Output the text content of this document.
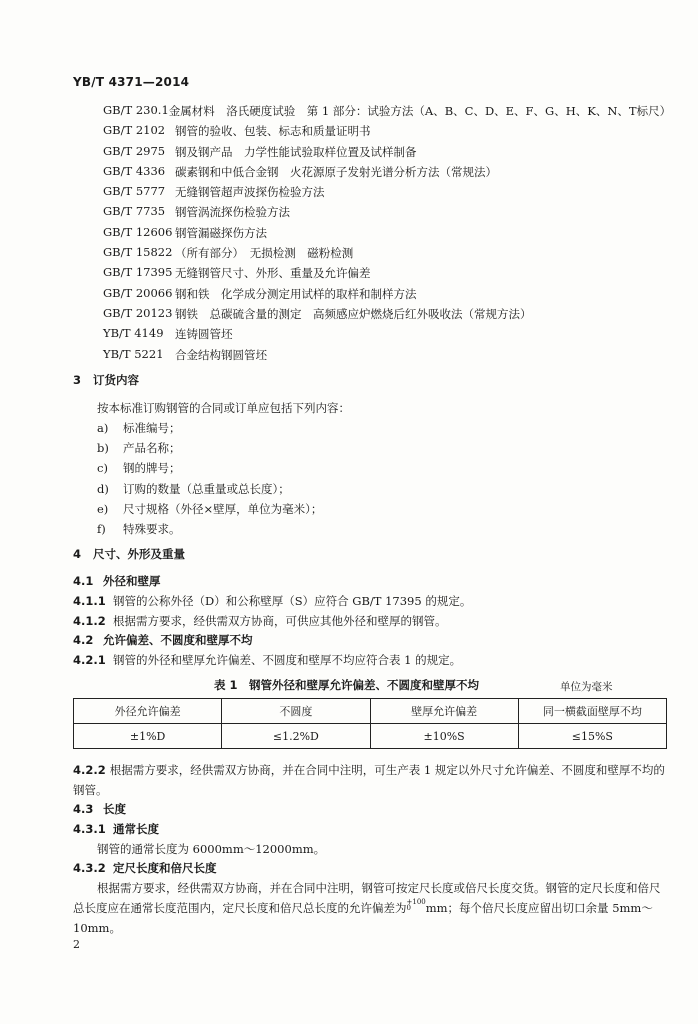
YB/T 4371—2014
GB/T 230.1 金属材料　洛氏硬度试验　第 1 部分：试验方法（A、B、C、D、E、F、G、H、K、N、T标尺）
GB/T 2102 钢管的验收、包装、标志和质量证明书
GB/T 2975 钢及钢产品　力学性能试验取样位置及试样制备
GB/T 4336 碳素钢和中低合金钢　火花源原子发射光谱分析方法（常规法）
GB/T 5777 无缝钢管超声波探伤检验方法
GB/T 7735 钢管涡流探伤检验方法
GB/T 12606 钢管漏磁探伤方法
GB/T 15822 （所有部分）　无损检测　磁粉检测
GB/T 17395 无缝钢管尺寸、外形、重量及允许偏差
GB/T 20066 钢和铁　化学成分测定用试样的取样和制样方法
GB/T 20123 钢铁　总碳硫含量的测定　高频感应炉燃烧后红外吸收法（常规方法）
YB/T 4149 连铸圆管坯
YB/T 5221 合金结构钢圆管坯
3 订货内容
按本标准订购钢管的合同或订单应包括下列内容：
a) 标准编号；
b) 产品名称；
c) 钢的牌号；
d) 订购的数量（总重量或总长度）；
e) 尺寸规格（外径×壁厚，单位为毫米）；
f) 特殊要求。
4 尺寸、外形及重量
4.1 外径和壁厚
4.1.1 钢管的公称外径（D）和公称壁厚（S）应符合 GB/T 17395 的规定。
4.1.2 根据需方要求，经供需双方协商，可供应其他外径和壁厚的钢管。
4.2 允许偏差、不圆度和壁厚不均
4.2.1 钢管的外径和壁厚允许偏差、不圆度和壁厚不均应符合表 1 的规定。
表 1　钢管外径和壁厚允许偏差、不圆度和壁厚不均	单位为毫米
外径允许偏差	不圆度	壁厚允许偏差	同一横截面壁厚不均
±1%D	≤1.2%D	±10%S	≤15%S
4.2.2 根据需方要求，经供需双方协商，并在合同中注明，可生产表 1 规定以外尺寸允许偏差、不圆度和壁厚不均的钢管。
4.3 长度
4.3.1 通常长度
钢管的通常长度为 6000mm～12000mm。
4.3.2 定尺长度和倍尺长度
根据需方要求，经供需双方协商，并在合同中注明，钢管可按定尺长度或倍尺长度交货。钢管的定尺长度和倍尺总长度应在通常长度范围内，定尺长度和倍尺总长度的允许偏差为 +100
0	mm；每个倍尺长度应留出切口余量 5mm～10mm。
2
